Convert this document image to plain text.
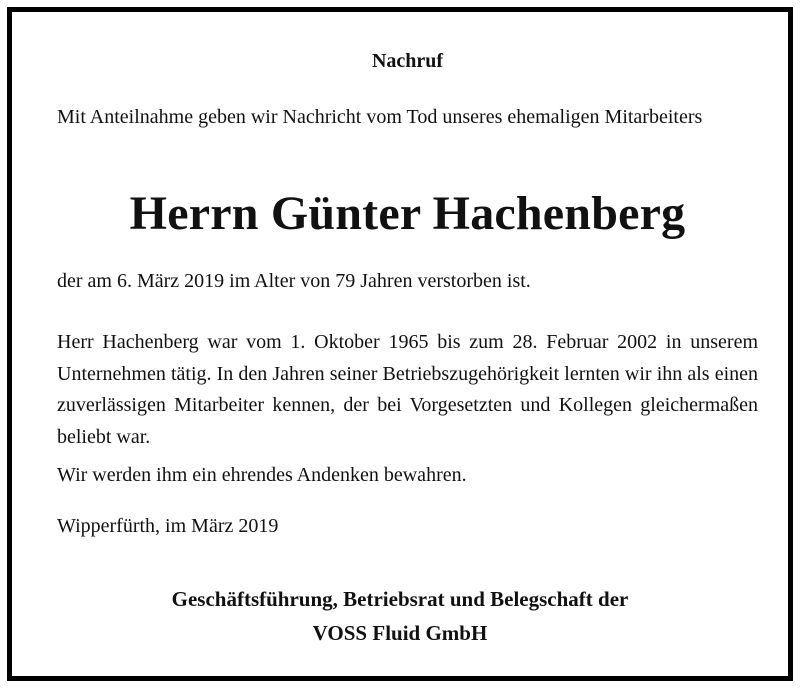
Nachruf
Mit Anteilnahme geben wir Nachricht vom Tod unseres ehemaligen Mitarbeiters
Herrn Günter Hachenberg
der am 6. März 2019 im Alter von 79 Jahren verstorben ist.
Herr Hachenberg war vom 1. Oktober 1965 bis zum 28. Februar 2002 in unserem Unternehmen tätig. In den Jahren seiner Betriebszugehörigkeit lernten wir ihn als einen zuverlässigen Mitarbeiter kennen, der bei Vorgesetzten und Kollegen gleichermaßen beliebt war.
Wir werden ihm ein ehrendes Andenken bewahren.
Wipperfürth, im März 2019
Geschäftsführung, Betriebsrat und Belegschaft der
VOSS Fluid GmbH
